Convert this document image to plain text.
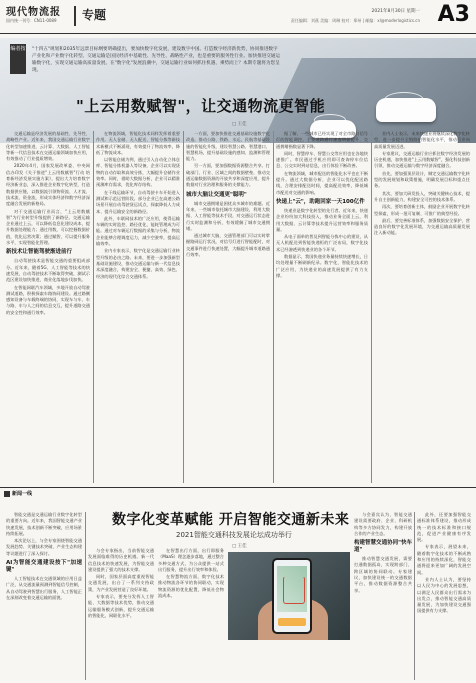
现代物流报
国内统一刊号：CN11-0089 专题	2021年8月30日 星期一
责任编辑：刘燕 美编：周琳 校对：郑州 | 邮编：xl@moderlogistics.cn A3
编者按 "十四五"规划和2035年远景目标纲要明确提出，要加快数字化发展，建设数字中国。打造数字经济新优势，协同推进数字产业化和产业数字化转型。交通运输是国民经济中基础性、先导性、战略性产业，也是重要的服务性行业。加快推进交通运输数字化，实现交通运输高质量发展。在"数字化"发展浪潮中，交通运输行业如何抓住机遇、乘势而上？本期专题将为您呈现。
"上云用数赋智"，让交通物流更智能
□ 王佳

交通运输是经济发展的基础性、先导性、战略性产业。近年来，我国交通运输行业数字化转型加速推进，云计算、大数据、人工智能等新一代信息技术在交通运输领域加快应用，有效推动了行业提质增效。

2020年4月，国家发展改革委、中央网信办印发《关于推进"上云用数赋智"行动 培育新经济发展实施方案》，提出大力培育数字经济新业态，深入推进企业数字化转型，打造数据供应链，以数据流引领物资流、人才流、技术流、资金流，形成实体经济和数字经济深度融合发展的新格局。

对于交通运输行业而言，"上云用数赋智"为行业转型升级提供了新路径。交通运输企业通过上云，可以降低信息化建设成本，提升数据处理能力；通过用数，可以挖掘数据价值，优化运营决策；通过赋智，可以提升服务水平，实现智能化管理。

新技术让智能驾驶渐进前行

自动驾驶技术是智能交通的重要组成部分。近年来，随着5G、人工智能等技术的快速发展，自动驾驶技术不断取得突破，测试示范区建设加快推进，商业化落地步伐加快。

在智能网联汽车领域，多地开放自动驾驶测试道路，积极探索车路协同建设。通过路侧感知设备与车载终端的协同，实现车与车、车与路、车与人之间的信息交互，提升道路交通的安全性和通行效率。

在物流领域，智能化技术同样发挥着重要作用。无人仓储、无人配送、智能分拣等新技术新模式不断涌现，有效提升了物流效率，降低了物流成本。

以智能仓储为例，通过引入自动化立体仓库、智能分拣机器人等设备，企业可以实现货物的自动存取和高效分拣，大幅提升仓储作业效率。同时，借助大数据分析，企业可以精准预测库存需求，优化库存结构。

在干线运输环节，自动驾驶卡车开始进入测试和示范运营阶段。部分企业已在高速公路场景开展自动驾驶货运试点，探索降低人力成本、提升运输安全的新路径。

此外，车联网技术的广泛应用，使得运输车辆的实时监控、路径优化、能耗管理成为可能。通过对车辆运行数据的采集与分析，物流企业能够合理调度运力，减少空驶率，提高运输效率。

业内专家表示，数字化是交通运输行业转型升级的必由之路。未来，要进一步加强新型基础设施建设，推动交通运输与新一代信息技术深度融合，构建安全、便捷、高效、绿色、经济的现代化综合交通体系。

一方面，要加快推进交通基础设施数字化改造。推动公路、铁路、水运、民航等基础设施的智能化升级，建设智慧公路、智慧港口、智慧机场，提升基础设施的感知、监测和管理能力。

另一方面，要加强数据资源整合共享。打破部门、行业、区域之间的数据壁垒，推动交通运输数据资源的开放共享和深度应用，提升数据对行业治理和服务的支撑能力。

城市大脑让交通更"聪明"

城市交通拥堵是困扰众多城市的难题。近年来，一些城市依托城市大脑建设，利用大数据、人工智能等技术手段，对交通运行状态进行实时监测和分析，有效缓解了城市交通拥堵。

通过城市大脑，交通管理部门可以实时掌握路网运行状况，对信号灯进行智能配时，对交通事件进行快速处置，大幅提升城市道路通行效率。

据了解，一些城市已经实现了对全市路口信号灯的智能调控，主要道路通行速度明显提升，交通拥堵指数显著下降。

同时，智慧停车、智慧公交等应用也在各地快速推广。市民通过手机应用即可查询停车位信息、公交实时到站信息，出行体验不断改善。

在物流领域，城市配送的智能化水平也在不断提升。通过大数据分析，企业可以优化配送路线，合理安排配送时间，提高配送效率，降低城市配送对交通的影响。

快递上"云"，助跑回家一天100亿件

快递业是数字化转型的先行者。近年来，快递企业纷纷加大科技投入，推动业务全面上云，利用大数据、云计算等技术提升运营效率和服务质量。

从电子面单的普及到智能分拣中心的建设，从无人机配送到智能快递柜的广泛布局，数字化技术已经渗透到快递业的各个环节。

数据显示，我国快递业务量持续快速增长，日均处理量不断刷新纪录。数字化、智能化技术的广泛应用，为快递业的高速发展提供了有力支撑。

业内人士表示，未来快递业将继续深化数字化转型，进一步提升全链路的智能化水平，推动行业向高质量发展迈进。

专家建议，交通运输行业应抓住数字经济发展的历史机遇，加快推进"上云用数赋智"，强化科技创新引领，推动交通运输与数字经济深度融合。

首先，要加强顶层设计，制定交通运输数字化转型的发展规划和政策措施，明确发展目标和重点任务。

其次，要加大研发投入，突破关键核心技术，提升自主创新能力，构建安全可控的技术体系。

再次，要培育创新主体，鼓励企业开展数字化转型探索，形成一批可复制、可推广的典型经验。

最后，要完善标准体系，加强数据安全保护，营造良好的数字化发展环境，为交通运输高质量发展注入新动能。

新闻一线
数字化变革赋能 开启智能交通新未来
2021智能交通科技发展论坛成功举行
□ 王佳

智能交通是交通运输行业数字化转型的重要方向。近年来，我国智能交通产业快速发展，技术创新不断突破，应用场景持续拓展。

本次论坛上，与会专家围绕智能交通发展趋势、关键技术突破、产业生态构建等议题进行了深入探讨。

AI为智能交通建设按下"加速键"

人工智能技术在交通领域的应用日益广泛，从交通流量预测到智能信号控制，从自动驾驶到智慧出行服务，人工智能正在深刻改变着交通运输的面貌。

与会专家指出，当前智能交通发展面临难得的历史机遇。新一代信息技术的快速发展，为智能交通建设提供了强大的技术支撑。

同时，国家层面高度重视智能交通发展，出台了一系列支持政策，为产业发展营造了良好环境。

专家表示，要充分发挥人工智能、大数据等技术优势，推动交通运输服务模式创新，提升交通运输的智能化、网联化水平。

在智慧出行方面，出行即服务（MaaS）理念逐步落地，通过整合多种交通方式，为公众提供一站式出行服务，提升出行效率和体验。

在智慧物流方面，数字化技术推动物流各环节的协同联动，实现物流资源的优化配置，降低社会物流成本。

与会嘉宾认为，智能交通建设需要政府、企业、科研机构等多方协同发力，构建开放合作的产业生态。

构建智慧交通协同"快车道"

推动智慧交通发展，需要打通数据孤岛，实现跨部门、跨区域的协同联动。专家建议，加快建设统一的交通数据平台，推动数据资源整合共享。

此外，还要加强智能交通标准体系建设，推动形成统一的技术标准和接口规范，促进产业健康有序发展。

专家表示，展望未来，随着数字化技术的不断成熟和应用的持续深化，智能交通将迎来更加广阔的发展空间。

业内人士认为，要坚持以人民为中心的发展思想，以满足人民群众出行需求为出发点，推动智能交通高质量发展，为加快建设交通强国提供有力支撑。
